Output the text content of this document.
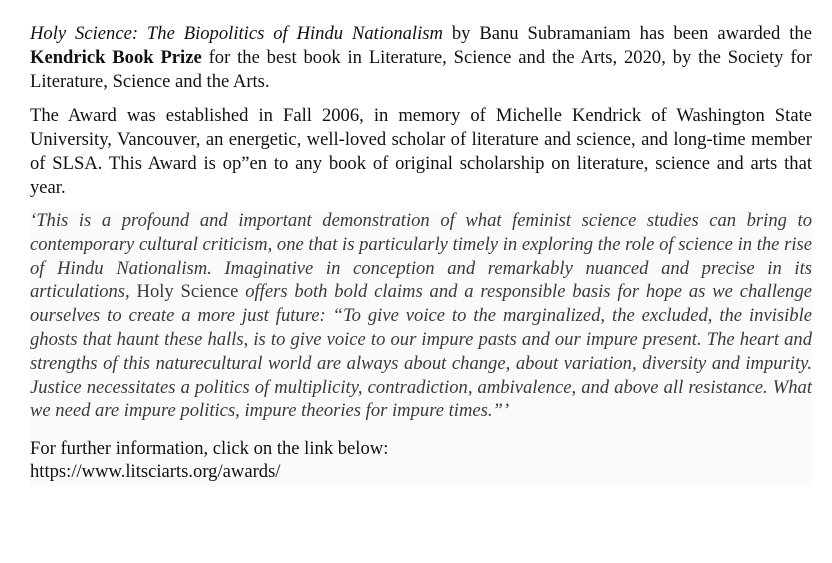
Holy Science: The Biopolitics of Hindu Nationalism by Banu Subramaniam has been awarded the Kendrick Book Prize for the best book in Literature, Science and the Arts, 2020, by the Society for Literature, Science and the Arts.

The Award was established in Fall 2006, in memory of Michelle Kendrick of Washington State University, Vancouver, an energetic, well-loved scholar of literature and science, and long-time member of SLSA. This Award is op”en to any book of original scholarship on literature, science and arts that year.

‘This is a profound and important demonstration of what feminist science studies can bring to contemporary cultural criticism, one that is particularly timely in exploring the role of science in the rise of Hindu Nationalism. Imaginative in conception and remarkably nuanced and precise in its articulations, Holy Science offers both bold claims and a responsible basis for hope as we challenge ourselves to create a more just future: “To give voice to the marginalized, the excluded, the invisible ghosts that haunt these halls, is to give voice to our impure pasts and our impure present. The heart and strengths of this naturecultural world are always about change, about variation, diversity and impurity. Justice necessitates a politics of multiplicity, contradiction, ambivalence, and above all resistance. What we need are impure politics, impure theories for impure times.”’

For further information, click on the link below:
https://www.litsciarts.org/awards/
